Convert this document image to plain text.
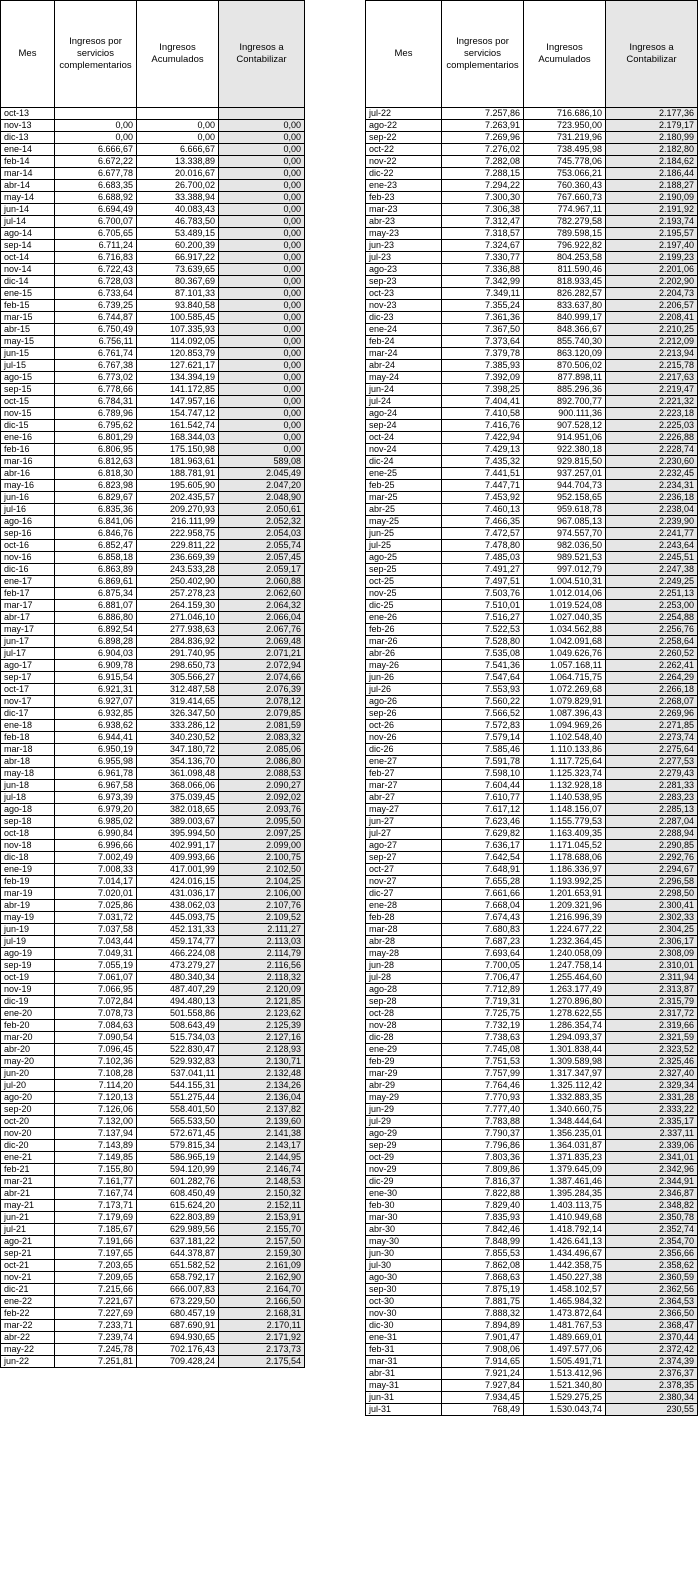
Mes	Ingresos por servicios complementarios	Ingresos Acumulados	Ingresos a Contabilizar
oct-13			
nov-13	0,00	0,00	0,00
dic-13	0,00	0,00	0,00
ene-14	6.666,67	6.666,67	0,00
feb-14	6.672,22	13.338,89	0,00
mar-14	6.677,78	20.016,67	0,00
abr-14	6.683,35	26.700,02	0,00
may-14	6.688,92	33.388,94	0,00
jun-14	6.694,49	40.083,43	0,00
jul-14	6.700,07	46.783,50	0,00
ago-14	6.705,65	53.489,15	0,00
sep-14	6.711,24	60.200,39	0,00
oct-14	6.716,83	66.917,22	0,00
nov-14	6.722,43	73.639,65	0,00
dic-14	6.728,03	80.367,69	0,00
ene-15	6.733,64	87.101,33	0,00
feb-15	6.739,25	93.840,58	0,00
mar-15	6.744,87	100.585,45	0,00
abr-15	6.750,49	107.335,93	0,00
may-15	6.756,11	114.092,05	0,00
jun-15	6.761,74	120.853,79	0,00
jul-15	6.767,38	127.621,17	0,00
ago-15	6.773,02	134.394,19	0,00
sep-15	6.778,66	141.172,85	0,00
oct-15	6.784,31	147.957,16	0,00
nov-15	6.789,96	154.747,12	0,00
dic-15	6.795,62	161.542,74	0,00
ene-16	6.801,29	168.344,03	0,00
feb-16	6.806,95	175.150,98	0,00
mar-16	6.812,63	181.963,61	589,08
abr-16	6.818,30	188.781,91	2.045,49
may-16	6.823,98	195.605,90	2.047,20
jun-16	6.829,67	202.435,57	2.048,90
jul-16	6.835,36	209.270,93	2.050,61
ago-16	6.841,06	216.111,99	2.052,32
sep-16	6.846,76	222.958,75	2.054,03
oct-16	6.852,47	229.811,22	2.055,74
nov-16	6.858,18	236.669,39	2.057,45
dic-16	6.863,89	243.533,28	2.059,17
ene-17	6.869,61	250.402,90	2.060,88
feb-17	6.875,34	257.278,23	2.062,60
mar-17	6.881,07	264.159,30	2.064,32
abr-17	6.886,80	271.046,10	2.066,04
may-17	6.892,54	277.938,63	2.067,76
jun-17	6.898,28	284.836,92	2.069,48
jul-17	6.904,03	291.740,95	2.071,21
ago-17	6.909,78	298.650,73	2.072,94
sep-17	6.915,54	305.566,27	2.074,66
oct-17	6.921,31	312.487,58	2.076,39
nov-17	6.927,07	319.414,65	2.078,12
dic-17	6.932,85	326.347,50	2.079,85
ene-18	6.938,62	333.286,12	2.081,59
feb-18	6.944,41	340.230,52	2.083,32
mar-18	6.950,19	347.180,72	2.085,06
abr-18	6.955,98	354.136,70	2.086,80
may-18	6.961,78	361.098,48	2.088,53
jun-18	6.967,58	368.066,06	2.090,27
jul-18	6.973,39	375.039,45	2.092,02
ago-18	6.979,20	382.018,65	2.093,76
sep-18	6.985,02	389.003,67	2.095,50
oct-18	6.990,84	395.994,50	2.097,25
nov-18	6.996,66	402.991,17	2.099,00
dic-18	7.002,49	409.993,66	2.100,75
ene-19	7.008,33	417.001,99	2.102,50
feb-19	7.014,17	424.016,15	2.104,25
mar-19	7.020,01	431.036,17	2.106,00
abr-19	7.025,86	438.062,03	2.107,76
may-19	7.031,72	445.093,75	2.109,52
jun-19	7.037,58	452.131,33	2.111,27
jul-19	7.043,44	459.174,77	2.113,03
ago-19	7.049,31	466.224,08	2.114,79
sep-19	7.055,19	473.279,27	2.116,56
oct-19	7.061,07	480.340,34	2.118,32
nov-19	7.066,95	487.407,29	2.120,09
dic-19	7.072,84	494.480,13	2.121,85
ene-20	7.078,73	501.558,86	2.123,62
feb-20	7.084,63	508.643,49	2.125,39
mar-20	7.090,54	515.734,03	2.127,16
abr-20	7.096,45	522.830,47	2.128,93
may-20	7.102,36	529.932,83	2.130,71
jun-20	7.108,28	537.041,11	2.132,48
jul-20	7.114,20	544.155,31	2.134,26
ago-20	7.120,13	551.275,44	2.136,04
sep-20	7.126,06	558.401,50	2.137,82
oct-20	7.132,00	565.533,50	2.139,60
nov-20	7.137,94	572.671,45	2.141,38
dic-20	7.143,89	579.815,34	2.143,17
ene-21	7.149,85	586.965,19	2.144,95
feb-21	7.155,80	594.120,99	2.146,74
mar-21	7.161,77	601.282,76	2.148,53
abr-21	7.167,74	608.450,49	2.150,32
may-21	7.173,71	615.624,20	2.152,11
jun-21	7.179,69	622.803,89	2.153,91
jul-21	7.185,67	629.989,56	2.155,70
ago-21	7.191,66	637.181,22	2.157,50
sep-21	7.197,65	644.378,87	2.159,30
oct-21	7.203,65	651.582,52	2.161,09
nov-21	7.209,65	658.792,17	2.162,90
dic-21	7.215,66	666.007,83	2.164,70
ene-22	7.221,67	673.229,50	2.166,50
feb-22	7.227,69	680.457,19	2.168,31
mar-22	7.233,71	687.690,91	2.170,11
abr-22	7.239,74	694.930,65	2.171,92
may-22	7.245,78	702.176,43	2.173,73
jun-22	7.251,81	709.428,24	2.175,54
Mes	Ingresos por servicios complementarios	Ingresos Acumulados	Ingresos a Contabilizar
jul-22	7.257,86	716.686,10	2.177,36
ago-22	7.263,91	723.950,00	2.179,17
sep-22	7.269,96	731.219,96	2.180,99
oct-22	7.276,02	738.495,98	2.182,80
nov-22	7.282,08	745.778,06	2.184,62
dic-22	7.288,15	753.066,21	2.186,44
ene-23	7.294,22	760.360,43	2.188,27
feb-23	7.300,30	767.660,73	2.190,09
mar-23	7.306,38	774.967,11	2.191,92
abr-23	7.312,47	782.279,58	2.193,74
may-23	7.318,57	789.598,15	2.195,57
jun-23	7.324,67	796.922,82	2.197,40
jul-23	7.330,77	804.253,58	2.199,23
ago-23	7.336,88	811.590,46	2.201,06
sep-23	7.342,99	818.933,45	2.202,90
oct-23	7.349,11	826.282,57	2.204,73
nov-23	7.355,24	833.637,80	2.206,57
dic-23	7.361,36	840.999,17	2.208,41
ene-24	7.367,50	848.366,67	2.210,25
feb-24	7.373,64	855.740,30	2.212,09
mar-24	7.379,78	863.120,09	2.213,94
abr-24	7.385,93	870.506,02	2.215,78
may-24	7.392,09	877.898,11	2.217,63
jun-24	7.398,25	885.296,36	2.219,47
jul-24	7.404,41	892.700,77	2.221,32
ago-24	7.410,58	900.111,36	2.223,18
sep-24	7.416,76	907.528,12	2.225,03
oct-24	7.422,94	914.951,06	2.226,88
nov-24	7.429,13	922.380,18	2.228,74
dic-24	7.435,32	929.815,50	2.230,60
ene-25	7.441,51	937.257,01	2.232,45
feb-25	7.447,71	944.704,73	2.234,31
mar-25	7.453,92	952.158,65	2.236,18
abr-25	7.460,13	959.618,78	2.238,04
may-25	7.466,35	967.085,13	2.239,90
jun-25	7.472,57	974.557,70	2.241,77
jul-25	7.478,80	982.036,50	2.243,64
ago-25	7.485,03	989.521,53	2.245,51
sep-25	7.491,27	997.012,79	2.247,38
oct-25	7.497,51	1.004.510,31	2.249,25
nov-25	7.503,76	1.012.014,06	2.251,13
dic-25	7.510,01	1.019.524,08	2.253,00
ene-26	7.516,27	1.027.040,35	2.254,88
feb-26	7.522,53	1.034.562,88	2.256,76
mar-26	7.528,80	1.042.091,68	2.258,64
abr-26	7.535,08	1.049.626,76	2.260,52
may-26	7.541,36	1.057.168,11	2.262,41
jun-26	7.547,64	1.064.715,75	2.264,29
jul-26	7.553,93	1.072.269,68	2.266,18
ago-26	7.560,22	1.079.829,91	2.268,07
sep-26	7.566,52	1.087.396,43	2.269,96
oct-26	7.572,83	1.094.969,26	2.271,85
nov-26	7.579,14	1.102.548,40	2.273,74
dic-26	7.585,46	1.110.133,86	2.275,64
ene-27	7.591,78	1.117.725,64	2.277,53
feb-27	7.598,10	1.125.323,74	2.279,43
mar-27	7.604,44	1.132.928,18	2.281,33
abr-27	7.610,77	1.140.538,95	2.283,23
may-27	7.617,12	1.148.156,07	2.285,13
jun-27	7.623,46	1.155.779,53	2.287,04
jul-27	7.629,82	1.163.409,35	2.288,94
ago-27	7.636,17	1.171.045,52	2.290,85
sep-27	7.642,54	1.178.688,06	2.292,76
oct-27	7.648,91	1.186.336,97	2.294,67
nov-27	7.655,28	1.193.992,25	2.296,58
dic-27	7.661,66	1.201.653,91	2.298,50
ene-28	7.668,04	1.209.321,96	2.300,41
feb-28	7.674,43	1.216.996,39	2.302,33
mar-28	7.680,83	1.224.677,22	2.304,25
abr-28	7.687,23	1.232.364,45	2.306,17
may-28	7.693,64	1.240.058,09	2.308,09
jun-28	7.700,05	1.247.758,14	2.310,01
jul-28	7.706,47	1.255.464,60	2.311,94
ago-28	7.712,89	1.263.177,49	2.313,87
sep-28	7.719,31	1.270.896,80	2.315,79
oct-28	7.725,75	1.278.622,55	2.317,72
nov-28	7.732,19	1.286.354,74	2.319,66
dic-28	7.738,63	1.294.093,37	2.321,59
ene-29	7.745,08	1.301.838,44	2.323,52
feb-29	7.751,53	1.309.589,98	2.325,46
mar-29	7.757,99	1.317.347,97	2.327,40
abr-29	7.764,46	1.325.112,42	2.329,34
may-29	7.770,93	1.332.883,35	2.331,28
jun-29	7.777,40	1.340.660,75	2.333,22
jul-29	7.783,88	1.348.444,64	2.335,17
ago-29	7.790,37	1.356.235,01	2.337,11
sep-29	7.796,86	1.364.031,87	2.339,06
oct-29	7.803,36	1.371.835,23	2.341,01
nov-29	7.809,86	1.379.645,09	2.342,96
dic-29	7.816,37	1.387.461,46	2.344,91
ene-30	7.822,88	1.395.284,35	2.346,87
feb-30	7.829,40	1.403.113,75	2.348,82
mar-30	7.835,93	1.410.949,68	2.350,78
abr-30	7.842,46	1.418.792,14	2.352,74
may-30	7.848,99	1.426.641,13	2.354,70
jun-30	7.855,53	1.434.496,67	2.356,66
jul-30	7.862,08	1.442.358,75	2.358,62
ago-30	7.868,63	1.450.227,38	2.360,59
sep-30	7.875,19	1.458.102,57	2.362,56
oct-30	7.881,75	1.465.984,32	2.364,53
nov-30	7.888,32	1.473.872,64	2.366,50
dic-30	7.894,89	1.481.767,53	2.368,47
ene-31	7.901,47	1.489.669,01	2.370,44
feb-31	7.908,06	1.497.577,06	2.372,42
mar-31	7.914,65	1.505.491,71	2.374,39
abr-31	7.921,24	1.513.412,96	2.376,37
may-31	7.927,84	1.521.340,80	2.378,35
jun-31	7.934,45	1.529.275,25	2.380,34
jul-31	768,49	1.530.043,74	230,55
